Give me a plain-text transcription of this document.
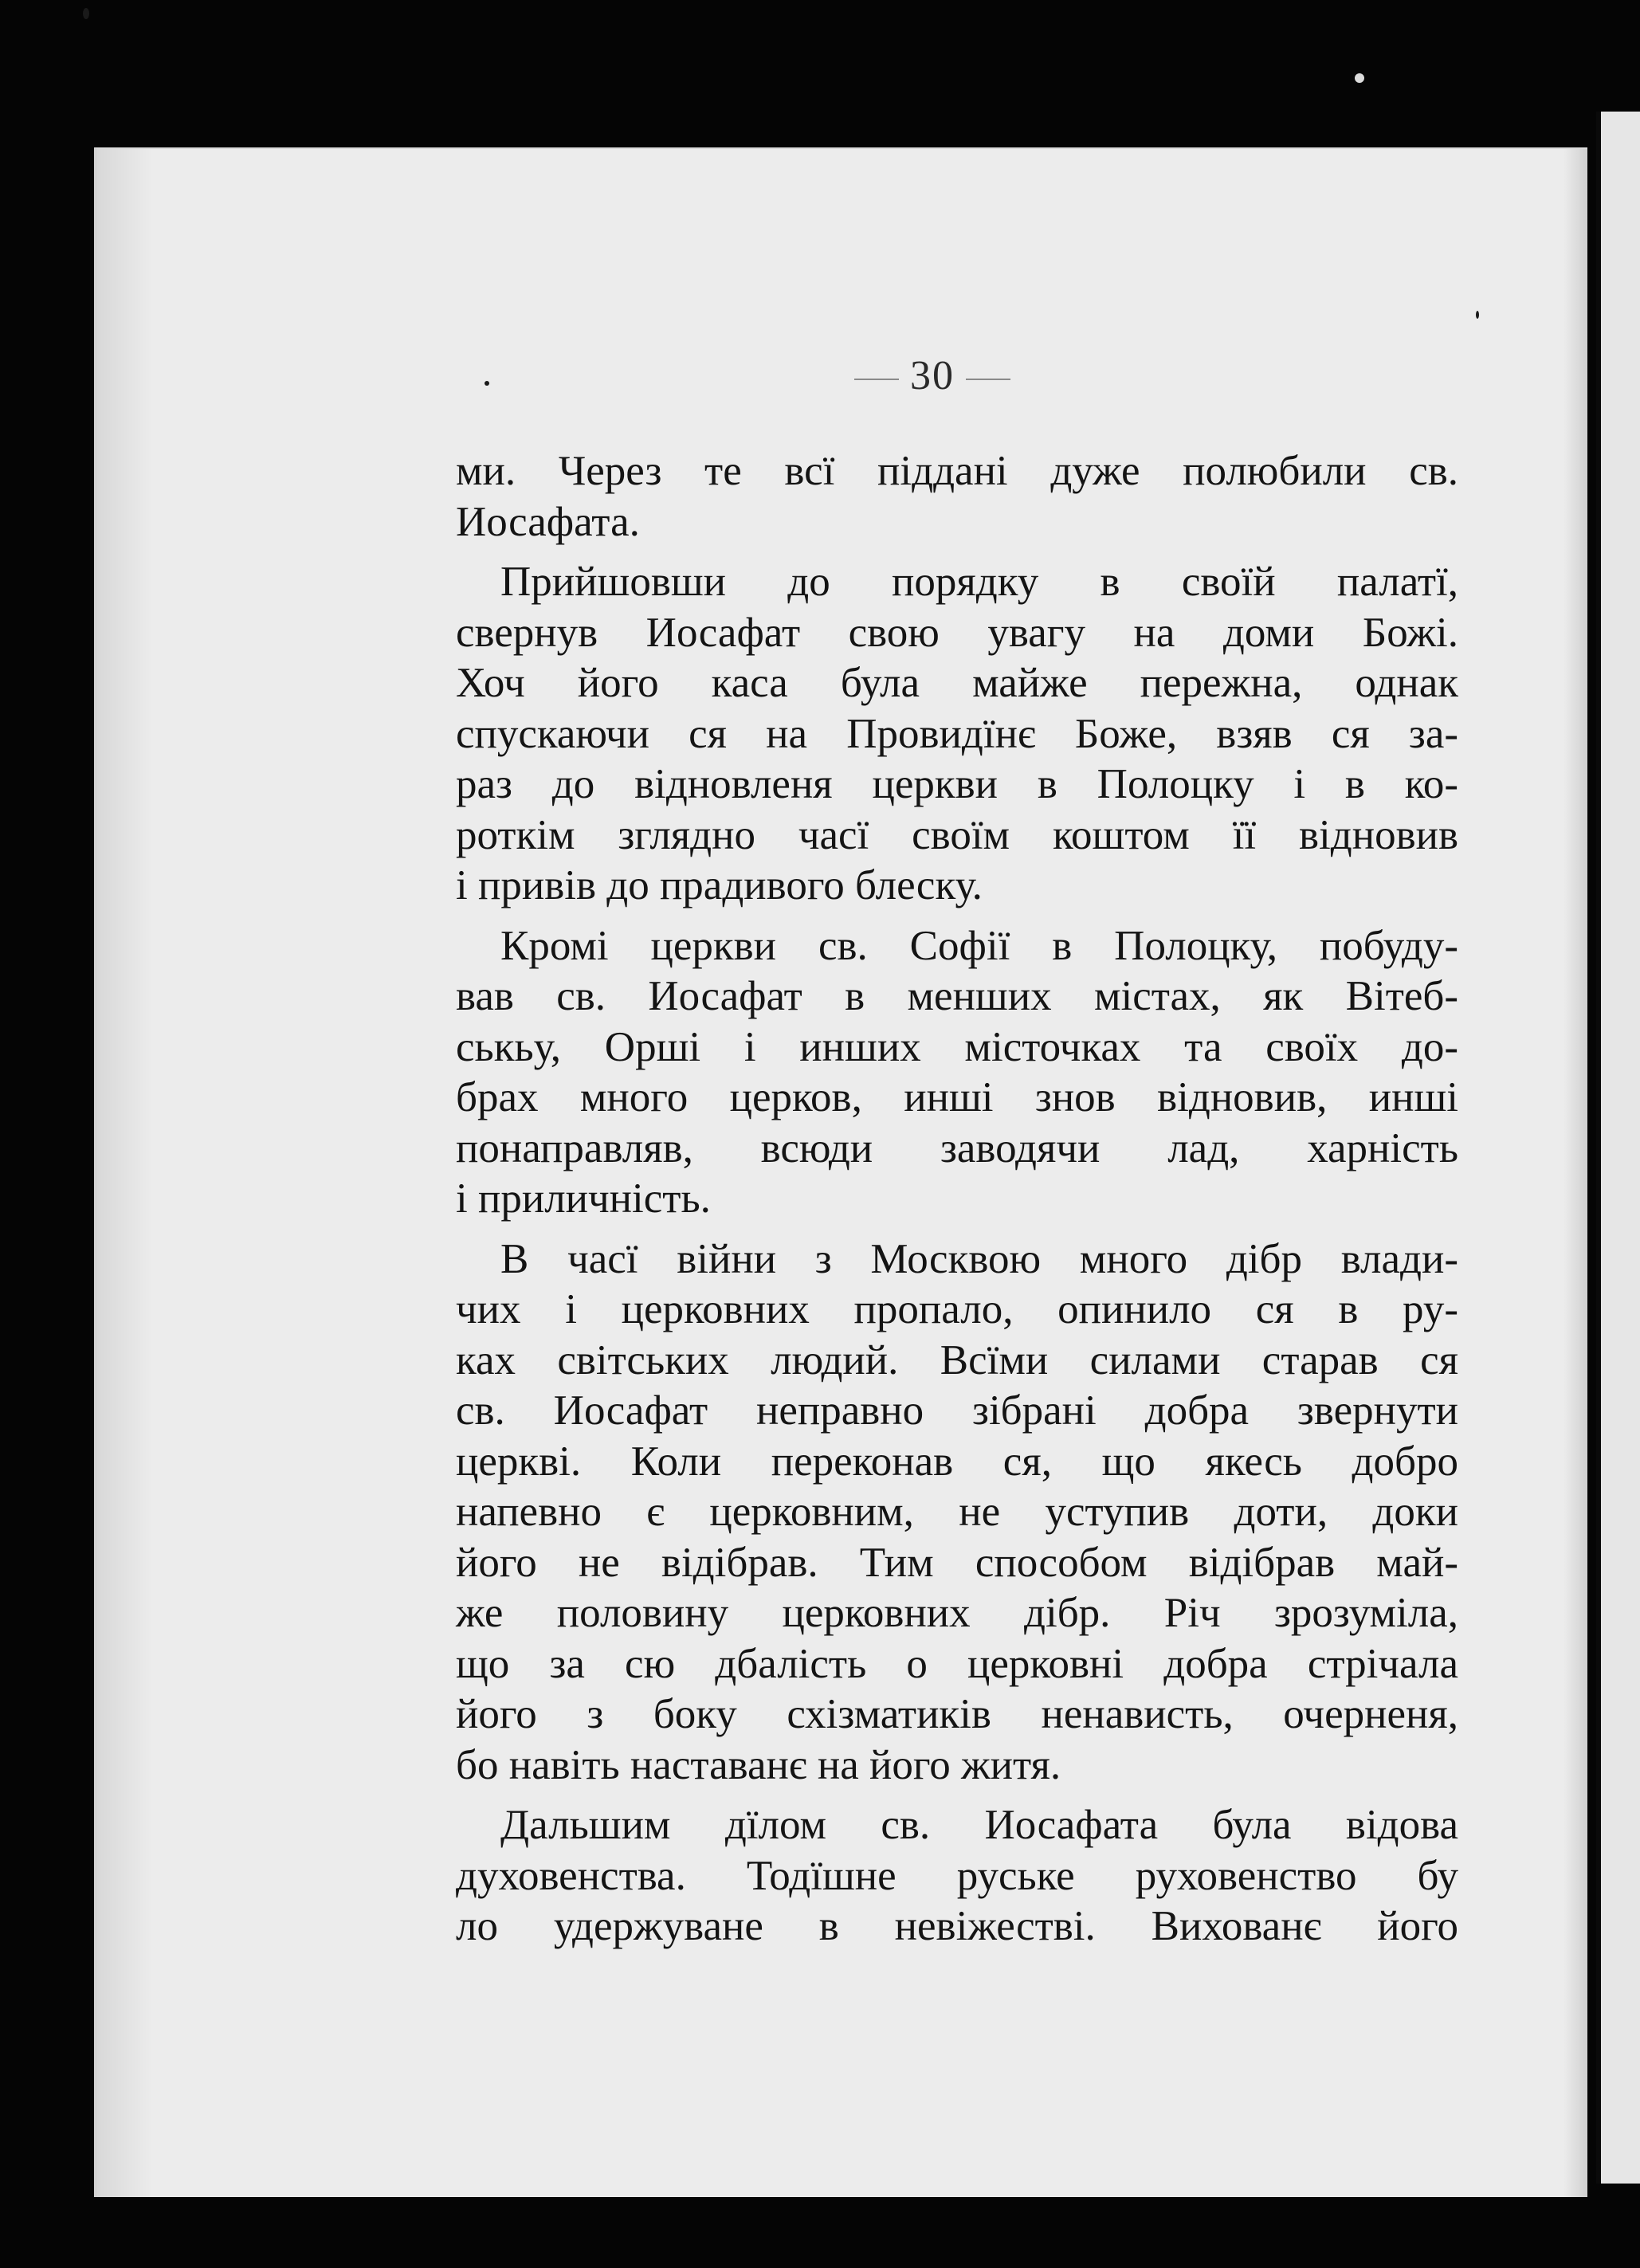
30
ми. Через те всї піддані дуже полюбили св.
Иосафата.
Прийшовши до порядку в своїй палатї,
свернув Иосафат свою увагу на доми Божі.
Хоч його каса була майже пережна, однак
спускаючи ся на Провидїнє Боже, взяв ся за-
раз до відновленя церкви в Полоцку і в ко-
роткім зглядно часї своїм коштом її відновив
і привів до прадивого блеску.
Кромі церкви св. Софії в Полоцку, побуду-
вав св. Иосафат в менших містах, як Вітеб-
ськьу, Орші і инших місточках та своїх до-
брах много церков, инші знов відновив, инші
понаправляв, всюди заводячи лад, харність
і приличність.
В часї війни з Москвою много дібр влади-
чих і церковних пропало, опинило ся в ру-
ках світських людий. Всїми силами старав ся
св. Иосафат неправно зібрані добра звернути
церкві. Коли переконав ся, що якесь добро
напевно є церковним, не уступив доти, доки
його не відібрав. Тим способом відібрав май-
же половину церковних дібр. Річ зрозуміла,
що за сю дбалість о церковні добра стрічала
його з боку схізматиків ненависть, очерненя,
бо навіть наставанє на його житя.
Дальшим дїлом св. Иосафата була відова
духовенства. Тодїшне руське руховенство бу
ло удержуване в невіжестві. Вихованє його
